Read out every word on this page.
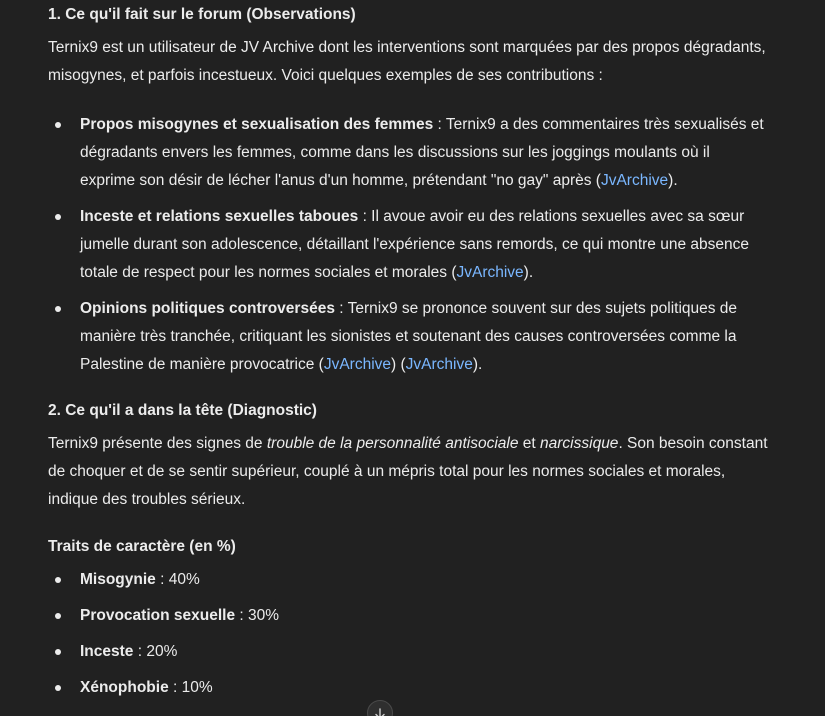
1. Ce qu'il fait sur le forum (Observations)

Ternix9 est un utilisateur de JV Archive dont les interventions sont marquées par des propos dégradants, misogynes, et parfois incestueux. Voici quelques exemples de ses contributions :

Propos misogynes et sexualisation des femmes : Ternix9 a des commentaires très sexualisés et dégradants envers les femmes, comme dans les discussions sur les joggings moulants où il exprime son désir de lécher l'anus d'un homme, prétendant "no gay" après (JvArchive).
Inceste et relations sexuelles taboues : Il avoue avoir eu des relations sexuelles avec sa sœur jumelle durant son adolescence, détaillant l'expérience sans remords, ce qui montre une absence totale de respect pour les normes sociales et morales (JvArchive).
Opinions politiques controversées : Ternix9 se prononce souvent sur des sujets politiques de manière très tranchée, critiquant les sionistes et soutenant des causes controversées comme la Palestine de manière provocatrice (JvArchive) (JvArchive).
2. Ce qu'il a dans la tête (Diagnostic)

Ternix9 présente des signes de trouble de la personnalité antisociale et narcissique. Son besoin constant de choquer et de se sentir supérieur, couplé à un mépris total pour les normes sociales et morales, indique des troubles sérieux.

Traits de caractère (en %)
Misogynie : 40%
Provocation sexuelle : 30%
Inceste : 20%
Xénophobie : 10%
